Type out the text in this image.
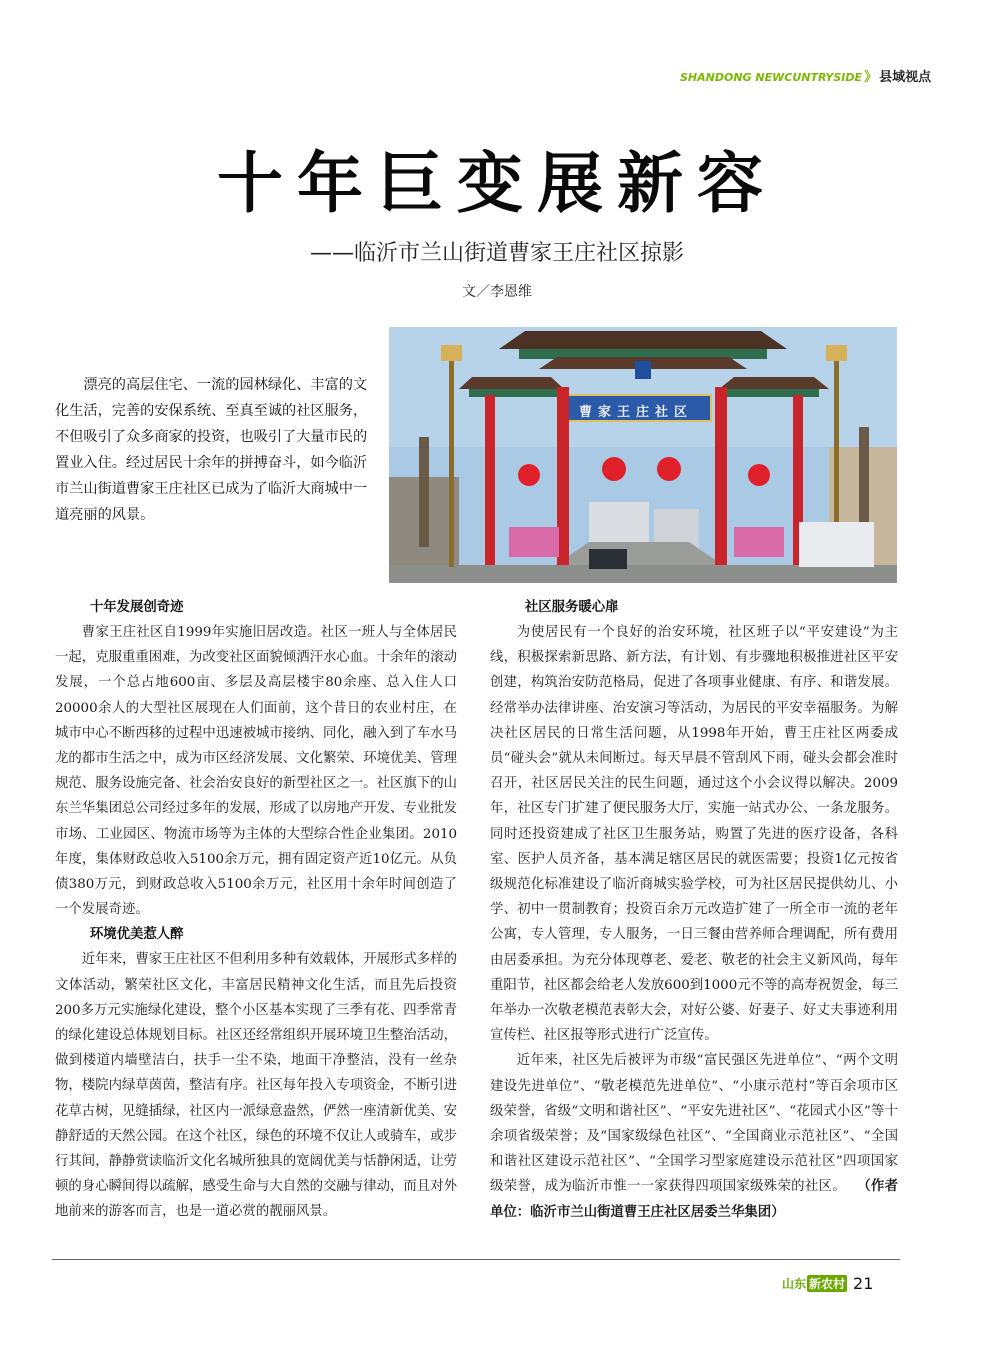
SHANDONG NEWCUNTRYSIDE 》 县域视点
十年巨变展新容
——临沂市兰山街道曹家王庄社区掠影
文／李恩维
漂亮的高层住宅、一流的园林绿化、丰富的文化生活，完善的安保系统、至真至诚的社区服务，不但吸引了众多商家的投资，也吸引了大量市民的置业入住。经过居民十余年的拼搏奋斗，如今临沂市兰山街道曹家王庄社区已成为了临沂大商城中一道亮丽的风景。
曹家王庄社区
十年发展创奇迹

曹家王庄社区自1999年实施旧居改造。社区一班人与全体居民一起，克服重重困难，为改变社区面貌倾洒汗水心血。十余年的滚动发展，一个总占地600亩、多层及高层楼宇80余座、总入住人口20000余人的大型社区展现在人们面前，这个昔日的农业村庄，在城市中心不断西移的过程中迅速被城市接纳、同化，融入到了车水马龙的都市生活之中，成为市区经济发展、文化繁荣、环境优美、管理规范、服务设施完备、社会治安良好的新型社区之一。社区旗下的山东兰华集团总公司经过多年的发展，形成了以房地产开发、专业批发市场、工业园区、物流市场等为主体的大型综合性企业集团。2010年度，集体财政总收入5100余万元，拥有固定资产近10亿元。从负债380万元，到财政总收入5100余万元，社区用十余年时间创造了一个发展奇迹。

环境优美惹人醉

近年来，曹家王庄社区不但利用多种有效载体，开展形式多样的文体活动，繁荣社区文化，丰富居民精神文化生活，而且先后投资200多万元实施绿化建设，整个小区基本实现了三季有花、四季常青的绿化建设总体规划目标。社区还经常组织开展环境卫生整治活动，做到楼道内墙壁洁白，扶手一尘不染，地面干净整洁，没有一丝杂物，楼院内绿草茵茵，整洁有序。社区每年投入专项资金，不断引进花草古树，见缝插绿，社区内一派绿意盎然，俨然一座清新优美、安静舒适的天然公园。在这个社区，绿色的环境不仅让人或骑车，或步行其间，静静赏读临沂文化名城所独具的宽阔优美与恬静闲适，让劳顿的身心瞬间得以疏解，感受生命与大自然的交融与律动，而且对外地前来的游客而言，也是一道必赏的靓丽风景。

社区服务暖心扉

为使居民有一个良好的治安环境，社区班子以“平安建设”为主线，积极探索新思路、新方法，有计划、有步骤地积极推进社区平安创建，构筑治安防范格局，促进了各项事业健康、有序、和谐发展。经常举办法律讲座、治安演习等活动，为居民的平安幸福服务。为解决社区居民的日常生活问题，从1998年开始，曹王庄社区两委成员“碰头会”就从未间断过。每天早晨不管刮风下雨，碰头会都会准时召开，社区居民关注的民生问题，通过这个小会议得以解决。2009年，社区专门扩建了便民服务大厅，实施一站式办公、一条龙服务。同时还投资建成了社区卫生服务站，购置了先进的医疗设备，各科室、医护人员齐备，基本满足辖区居民的就医需要；投资1亿元按省级规范化标准建设了临沂商城实验学校，可为社区居民提供幼儿、小学、初中一贯制教育；投资百余万元改造扩建了一所全市一流的老年公寓，专人管理，专人服务，一日三餐由营养师合理调配，所有费用由居委承担。为充分体现尊老、爱老、敬老的社会主义新风尚，每年重阳节，社区都会给老人发放600到1000元不等的高寿祝贺金，每三年举办一次敬老模范表彰大会，对好公婆、好妻子、好丈夫事迹利用宣传栏、社区报等形式进行广泛宣传。

近年来，社区先后被评为市级“富民强区先进单位”、“两个文明建设先进单位”、“敬老模范先进单位”、“小康示范村”等百余项市区级荣誉，省级“文明和谐社区”、“平安先进社区”、“花园式小区”等十余项省级荣誉；及“国家级绿色社区”、“全国商业示范社区”、“全国和谐社区建设示范社区”、“全国学习型家庭建设示范社区”四项国家级荣誉，成为临沂市惟一一家获得四项国家级殊荣的社区。 （作者单位：临沂市兰山街道曹王庄社区居委兰华集团）

山东 新农村 21
